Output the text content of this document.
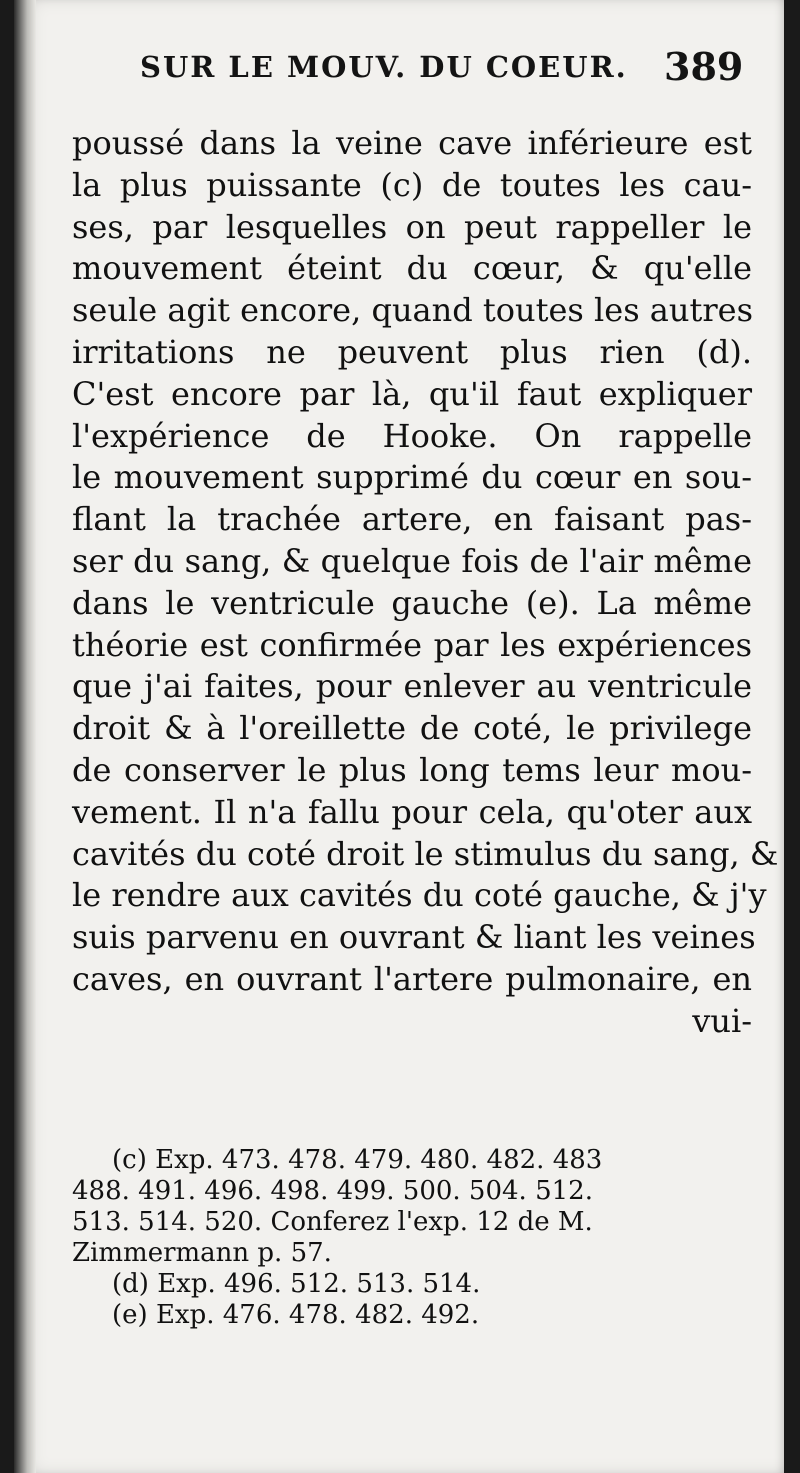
SUR LE MOUV. DU COEUR. 389
poussé dans la veine cave inférieure est
la plus puissante (c) de toutes les cau-
ses, par lesquelles on peut rappeller le
mouvement éteint du cœur, & qu'elle
seule agit encore, quand toutes les autres
irritations ne peuvent plus rien (d).
C'est encore par là, qu'il faut expliquer
l'expérience de Hooke. On rappelle
le mouvement supprimé du cœur en sou-
flant la trachée artere, en faisant pas-
ser du sang, & quelque fois de l'air même
dans le ventricule gauche (e). La même
théorie est confirmée par les expériences
que j'ai faites, pour enlever au ventricule
droit & à l'oreillette de coté, le privilege
de conserver le plus long tems leur mou-
vement. Il n'a fallu pour cela, qu'oter aux
cavités du coté droit le stimulus du sang, &
le rendre aux cavités du coté gauche, & j'y
suis parvenu en ouvrant & liant les veines
caves, en ouvrant l'artere pulmonaire, en
vui-
(c) Exp. 473. 478. 479. 480. 482. 483
488. 491. 496. 498. 499. 500. 504. 512.
513. 514. 520. Conferez l'exp. 12 de M.
Zimmermann p. 57.
(d) Exp. 496. 512. 513. 514.
(e) Exp. 476. 478. 482. 492.
